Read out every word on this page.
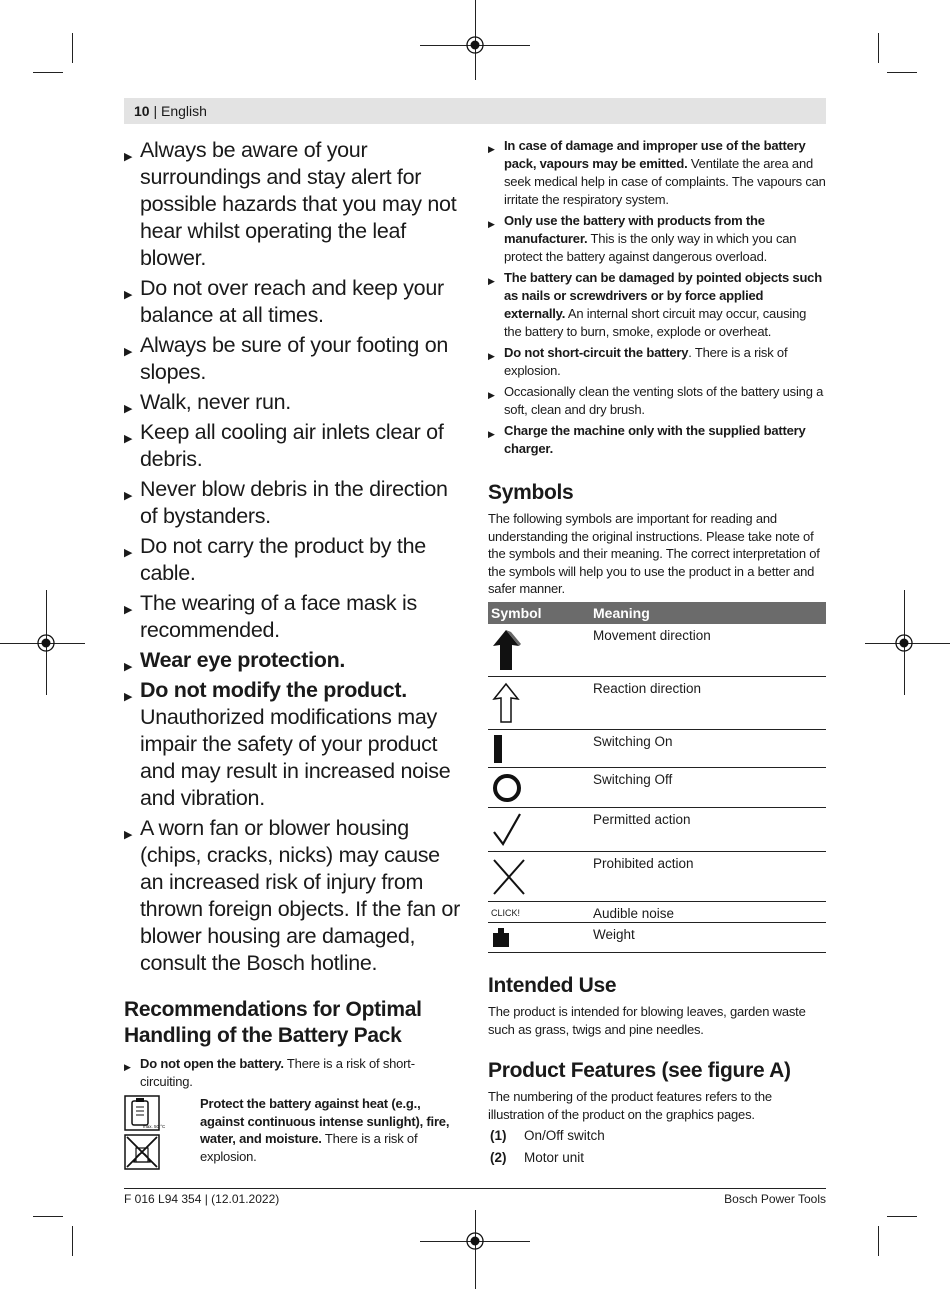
10 | English
▶ Always be aware of your surroundings and stay alert for possible hazards that you may not hear whilst operating the leaf blower.
▶ Do not over reach and keep your balance at all times.
▶ Always be sure of your footing on slopes.
▶ Walk, never run.
▶ Keep all cooling air inlets clear of debris.
▶ Never blow debris in the direction of bystanders.
▶ Do not carry the product by the cable.
▶ The wearing of a face mask is recommended.
▶ Wear eye protection.
▶ Do not modify the product. Unauthorized modifications may impair the safety of your product and may result in increased noise and vibration.
▶ A worn fan or blower housing (chips, cracks, nicks) may cause an increased risk of injury from thrown foreign objects. If the fan or blower housing are damaged, consult the Bosch hotline.
Recommendations for Optimal Handling of the Battery Pack
▶ Do not open the battery. There is a risk of short-circuiting.
max. 50 °C
Protect the battery against heat (e.g., against continuous intense sunlight), fire, water, and moisture. There is a risk of explosion.
▶ In case of damage and improper use of the battery pack, vapours may be emitted. Ventilate the area and seek medical help in case of complaints. The vapours can irritate the respiratory system.
▶ Only use the battery with products from the manufacturer. This is the only way in which you can protect the battery against dangerous overload.
▶ The battery can be damaged by pointed objects such as nails or screwdrivers or by force applied externally. An internal short circuit may occur, causing the battery to burn, smoke, explode or overheat.
▶ Do not short-circuit the battery. There is a risk of explosion.
▶ Occasionally clean the venting slots of the battery using a soft, clean and dry brush.
▶ Charge the machine only with the supplied battery charger.
Symbols
The following symbols are important for reading and understanding the original instructions. Please take note of the symbols and their meaning. The correct interpretation of the symbols will help you to use the product in a better and safer manner.
Symbol	Meaning
	Movement direction
	Reaction direction
	Switching On
	Switching Off
	Permitted action
	Prohibited action
CLICK!	Audible noise
	Weight
Intended Use
The product is intended for blowing leaves, garden waste such as grass, twigs and pine needles.
Product Features (see figure A)
The numbering of the product features refers to the illustration of the product on the graphics pages.
(1) On/Off switch
(2) Motor unit
F 016 L94 354 | (12.01.2022)	Bosch Power Tools
